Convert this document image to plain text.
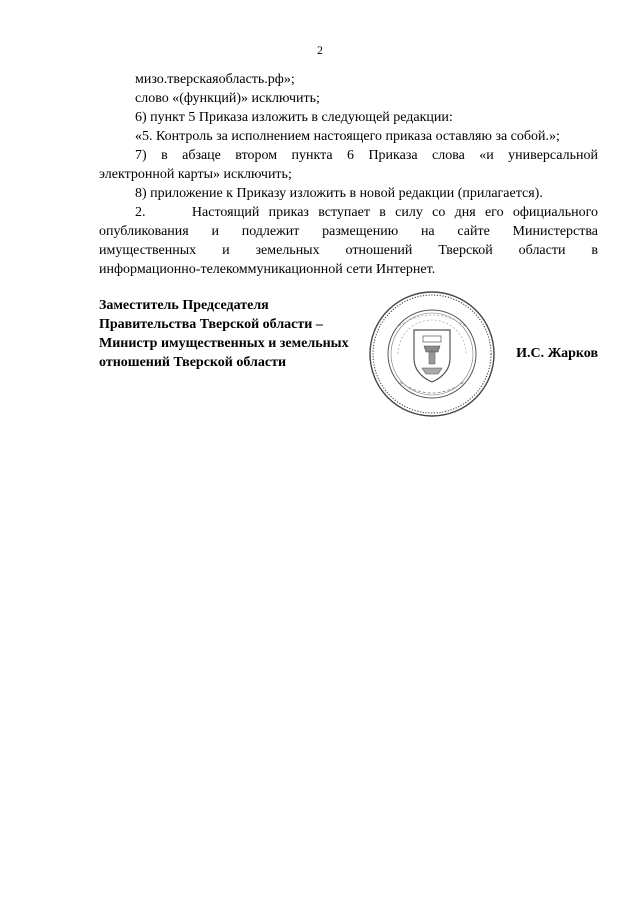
2

мизо.тверскаяобласть.рф»;

слово «(функций)» исключить;

6) пункт 5 Приказа изложить в следующей редакции:

«5. Контроль за исполнением настоящего приказа оставляю за собой.»;

7) в абзаце втором пункта 6 Приказа слова «и универсальной

электронной карты» исключить;

8) приложение к Приказу изложить в новой редакции (прилагается).

2.     Настоящий приказ вступает в силу со дня его официального

опубликования и подлежит размещению на сайте Министерства

имущественных и земельных отношений Тверской области в

информационно-телекоммуникационной сети Интернет.

Заместитель Председателя
Правительства Тверской области –
Министр имущественных и земельных
отношений Тверской области
И.С. Жарков
